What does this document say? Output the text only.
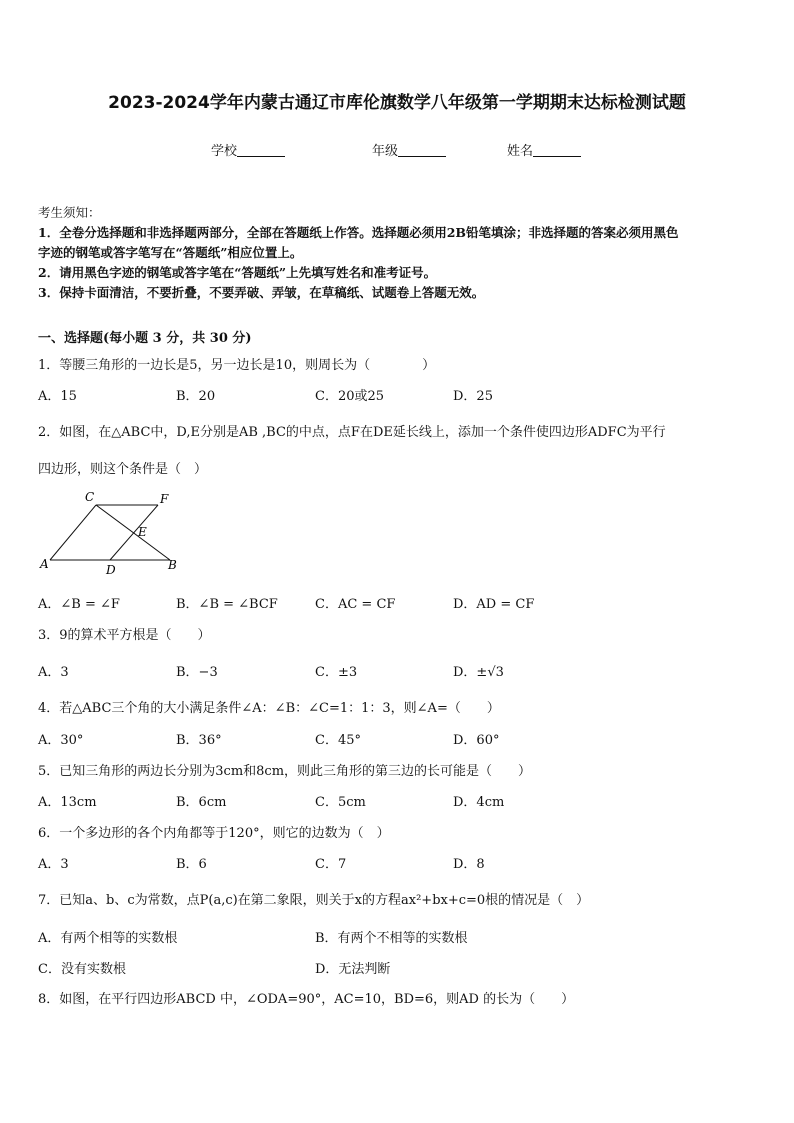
2023-2024学年内蒙古通辽市库伦旗数学八年级第一学期期末达标检测试题
学校	年级	姓名
考生须知：
1．全卷分选择题和非选择题两部分，全部在答题纸上作答。选择题必须用2B铅笔填涂；非选择题的答案必须用黑色
字迹的钢笔或答字笔写在“答题纸”相应位置上。
2．请用黑色字迹的钢笔或答字笔在“答题纸”上先填写姓名和准考证号。
3．保持卡面清洁，不要折叠，不要弄破、弄皱，在草稿纸、试题卷上答题无效。
一、选择题(每小题 3 分，共 30 分)
1．等腰三角形的一边长是5，另一边长是10，则周长为（　　　　）
A．15	B．20	C．20或25	D．25
2．如图，在△ABC中，D,E分别是AB ,BC的中点，点F在DE延长线上，添加一个条件使四边形ADFC为平行
四边形，则这个条件是（　）
A	B
C
D
E
F
A．∠B = ∠F	B．∠B = ∠BCF	C．AC = CF	D．AD = CF
3．9的算术平方根是（　　）
A．3	B．−3	C．±3	D．±√3
4．若△ABC三个角的大小满足条件∠A：∠B：∠C=1：1：3，则∠A=（　　）
A．30°	B．36°	C．45°	D．60°
5．已知三角形的两边长分别为3cm和8cm，则此三角形的第三边的长可能是（　　）
A．13cm	B．6cm	C．5cm	D．4cm
6．一个多边形的各个内角都等于120°，则它的边数为（　）
A．3	B．6	C．7	D．8
7．已知a、b、c为常数，点P(a,c)在第二象限，则关于x的方程ax²+bx+c=0根的情况是（　）
A．有两个相等的实数根	B．有两个不相等的实数根
C．没有实数根	D．无法判断
8．如图，在平行四边形ABCD 中，∠ODA=90°，AC=10，BD=6，则AD 的长为（　　）
